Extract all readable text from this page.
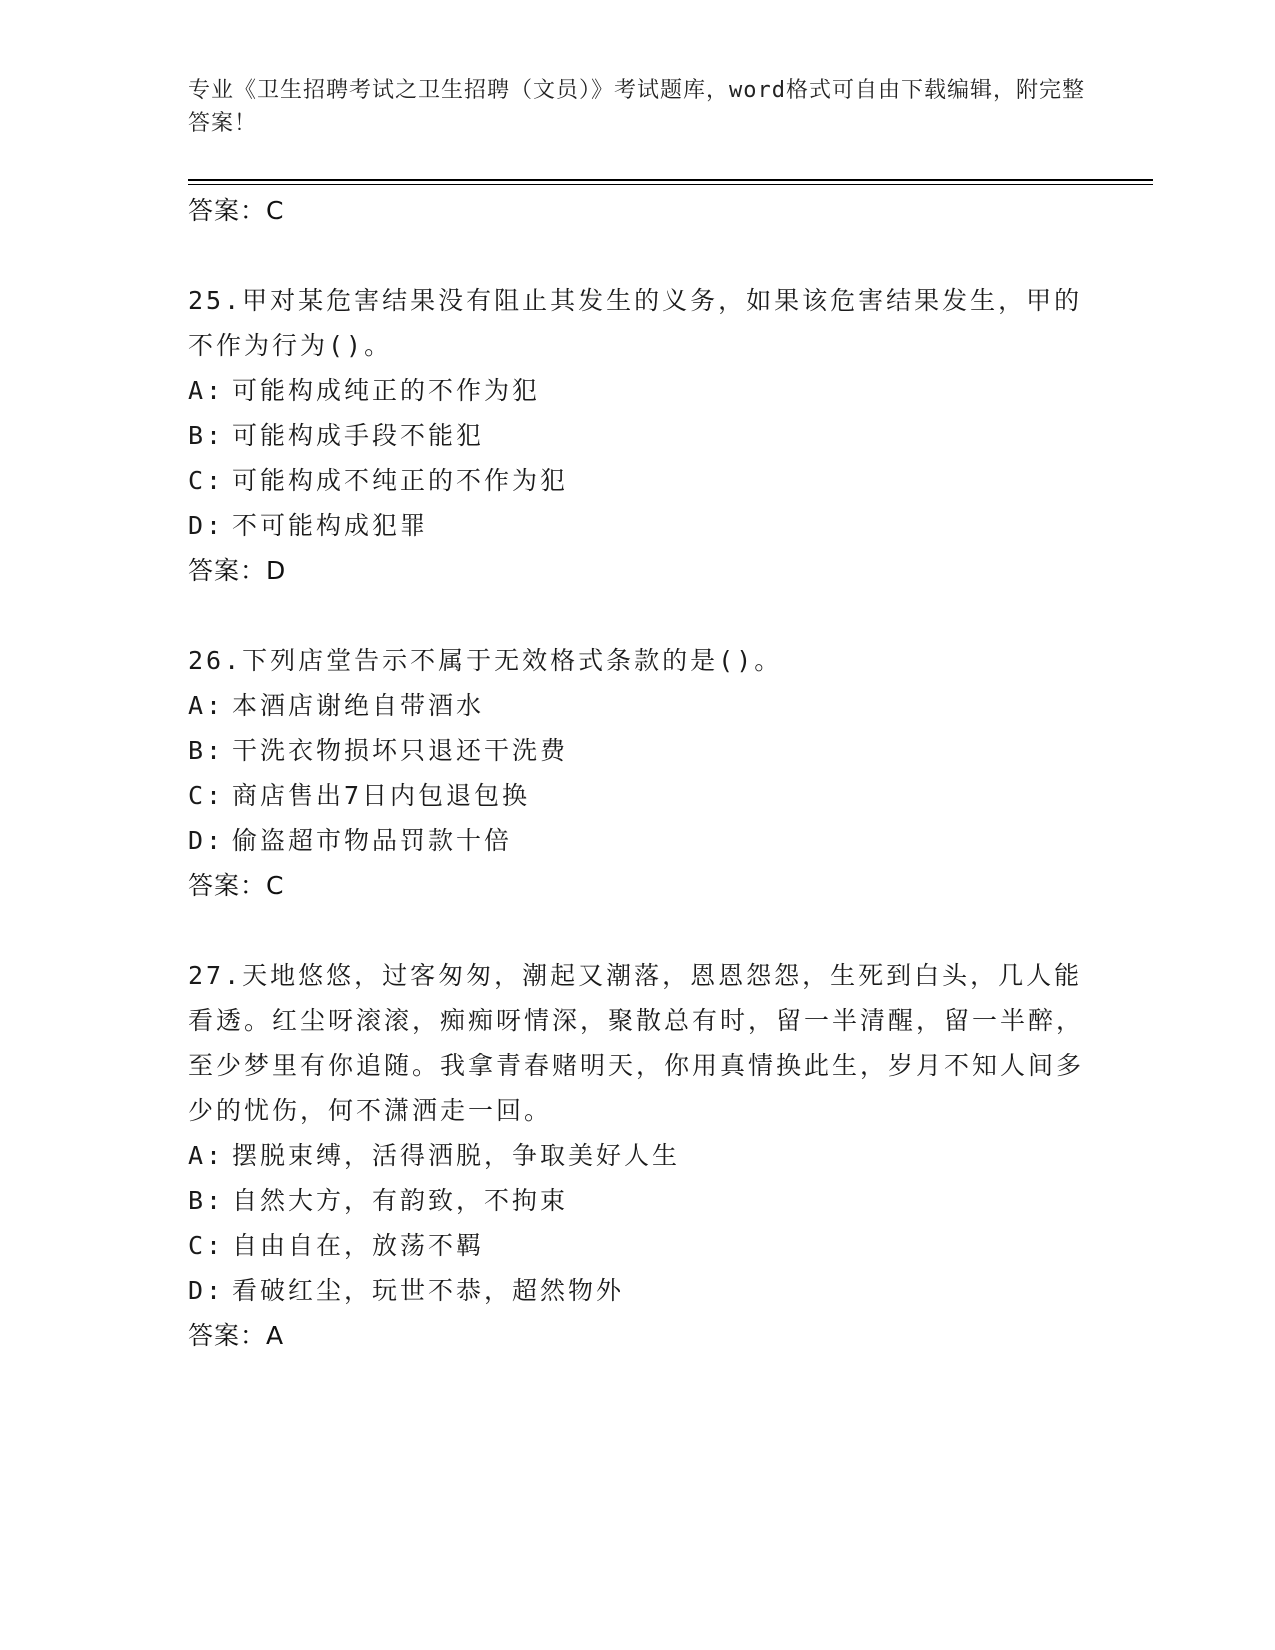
专业《卫生招聘考试之卫生招聘（文员）》考试题库，word格式可自由下载编辑，附完整答案！
答案：C
25.甲对某危害结果没有阻止其发生的义务，如果该危害结果发生，甲的不作为行为()。
A: 可能构成纯正的不作为犯
B: 可能构成手段不能犯
C: 可能构成不纯正的不作为犯
D: 不可能构成犯罪
答案：D
26.下列店堂告示不属于无效格式条款的是()。
A: 本酒店谢绝自带酒水
B: 干洗衣物损坏只退还干洗费
C: 商店售出7日内包退包换
D: 偷盗超市物品罚款十倍
答案：C
27.天地悠悠，过客匆匆，潮起又潮落，恩恩怨怨，生死到白头，几人能看透。红尘呀滚滚，痴痴呀情深，聚散总有时，留一半清醒，留一半醉，至少梦里有你追随。我拿青春赌明天，你用真情换此生，岁月不知人间多少的忧伤，何不潇洒走一回。
A: 摆脱束缚，活得洒脱，争取美好人生
B: 自然大方，有韵致，不拘束
C: 自由自在，放荡不羁
D: 看破红尘，玩世不恭，超然物外
答案：A
